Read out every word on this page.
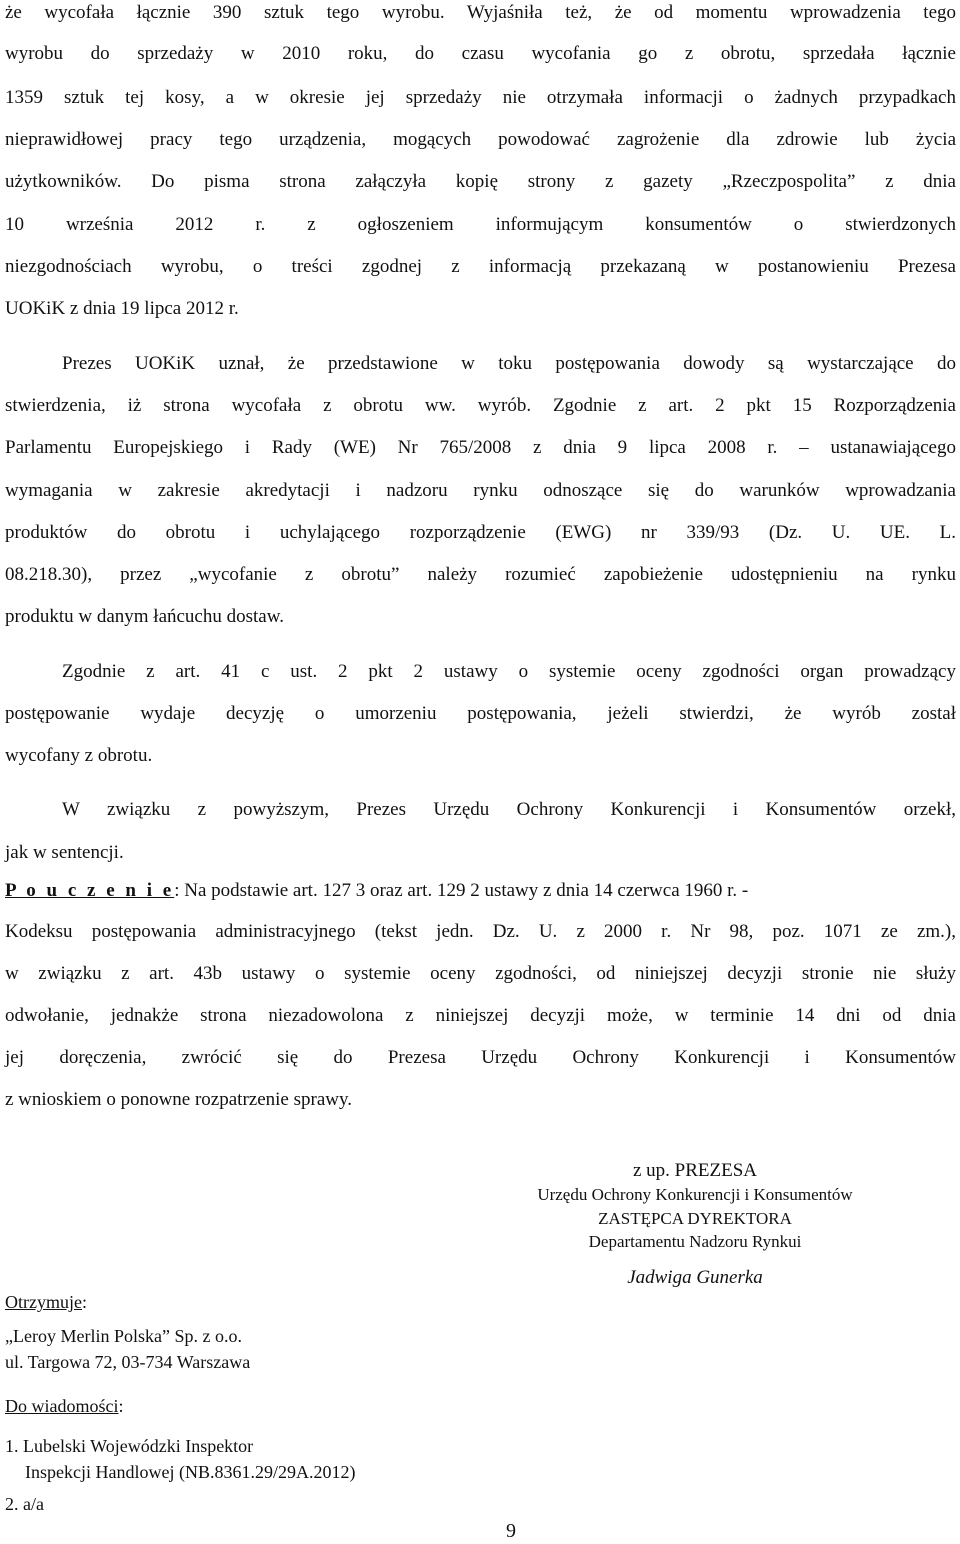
że wycofała łącznie 390 sztuk tego wyrobu. Wyjaśniła też, że od momentu wprowadzenia tego
wyrobu do sprzedaży w 2010 roku, do czasu wycofania go z obrotu, sprzedała łącznie
1359 sztuk tej kosy, a w okresie jej sprzedaży nie otrzymała informacji o żadnych przypadkach
nieprawidłowej pracy tego urządzenia, mogących powodować zagrożenie dla zdrowie lub życia
użytkowników. Do pisma strona załączyła kopię strony z gazety „Rzeczpospolita” z dnia
10 września 2012 r. z ogłoszeniem informującym konsumentów o stwierdzonych
niezgodnościach wyrobu, o treści zgodnej z informacją przekazaną w postanowieniu Prezesa
UOKiK z dnia 19 lipca 2012 r.
Prezes UOKiK uznał, że przedstawione w toku postępowania dowody są wystarczające do
stwierdzenia, iż strona wycofała z obrotu ww. wyrób. Zgodnie z art. 2 pkt 15 Rozporządzenia
Parlamentu Europejskiego i Rady (WE) Nr 765/2008 z dnia 9 lipca 2008 r. – ustanawiającego
wymagania w zakresie akredytacji i nadzoru rynku odnoszące się do warunków wprowadzania
produktów do obrotu i uchylającego rozporządzenie (EWG) nr 339/93 (Dz. U. UE. L.
08.218.30), przez „wycofanie z obrotu” należy rozumieć zapobieżenie udostępnieniu na rynku
produktu w danym łańcuchu dostaw.
Zgodnie z art. 41 c ust. 2 pkt 2 ustawy o systemie oceny zgodności organ prowadzący
postępowanie wydaje decyzję o umorzeniu postępowania, jeżeli stwierdzi, że wyrób został
wycofany z obrotu.
W związku z powyższym, Prezes Urzędu Ochrony Konkurencji i Konsumentów orzekł,
jak w sentencji.
P o u c z e n i e: Na podstawie art. 127 3 oraz art. 129 2 ustawy z dnia 14 czerwca 1960 r. -
Kodeksu postępowania administracyjnego (tekst jedn. Dz. U. z 2000 r. Nr 98, poz. 1071 ze zm.),
w związku z art. 43b ustawy o systemie oceny zgodności, od niniejszej decyzji stronie nie służy
odwołanie, jednakże strona niezadowolona z niniejszej decyzji może, w terminie 14 dni od dnia
jej doręczenia, zwrócić się do Prezesa Urzędu Ochrony Konkurencji i Konsumentów
z wnioskiem o ponowne rozpatrzenie sprawy.
z up. PREZESA
Urzędu Ochrony Konkurencji i Konsumentów
ZASTĘPCA DYREKTORA
Departamentu Nadzoru Rynkui
Jadwiga Gunerka
Otrzymuje:
„Leroy Merlin Polska” Sp. z o.o.
ul. Targowa 72, 03-734 Warszawa
Do wiadomości:
1. Lubelski Wojewódzki Inspektor
Inspekcji Handlowej (NB.8361.29/29A.2012)
2. a/a
9
